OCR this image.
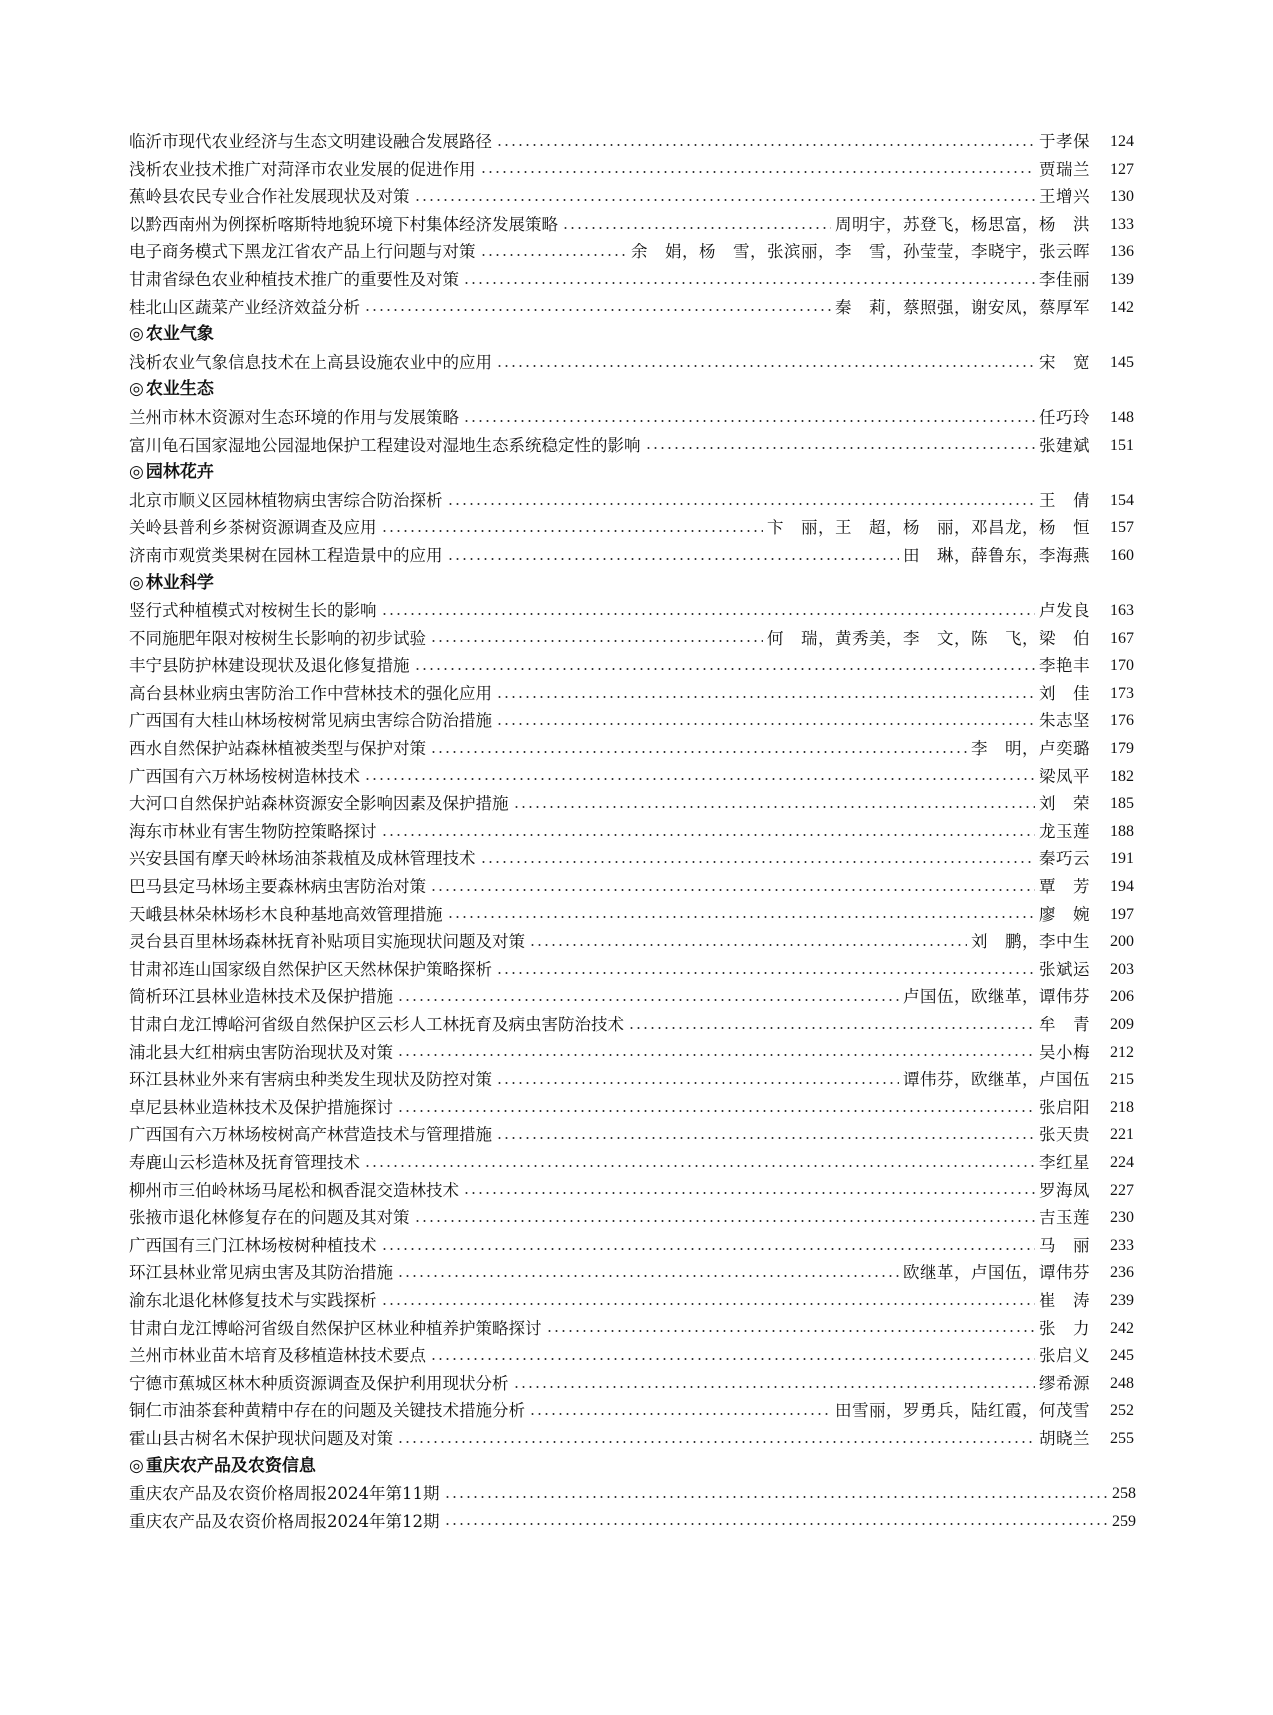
临沂市现代农业经济与生态文明建设融合发展路径	于孝保	124
浅析农业技术推广对菏泽市农业发展的促进作用	贾瑞兰	127
蕉岭县农民专业合作社发展现状及对策	王增兴	130
以黔西南州为例探析喀斯特地貌环境下村集体经济发展策略	周明宇，苏登飞，杨思富，杨　洪	133
电子商务模式下黑龙江省农产品上行问题与对策	余　娟，杨　雪，张滨丽，李　雪，孙莹莹，李晓宇，张云晖	136
甘肃省绿色农业种植技术推广的重要性及对策	李佳丽	139
桂北山区蔬菜产业经济效益分析	秦　莉，蔡照强，谢安凤，蔡厚军	142
◎ 农业气象
浅析农业气象信息技术在上高县设施农业中的应用	宋　宽	145
◎ 农业生态
兰州市林木资源对生态环境的作用与发展策略	任巧玲	148
富川龟石国家湿地公园湿地保护工程建设对湿地生态系统稳定性的影响	张建斌	151
◎ 园林花卉
北京市顺义区园林植物病虫害综合防治探析	王　倩	154
关岭县普利乡茶树资源调查及应用	卞　丽，王　超，杨　丽，邓昌龙，杨　恒	157
济南市观赏类果树在园林工程造景中的应用	田　琳，薛鲁东，李海燕	160
◎ 林业科学
竖行式种植模式对桉树生长的影响	卢发良	163
不同施肥年限对桉树生长影响的初步试验	何　瑞，黄秀美，李　文，陈　飞，梁　伯	167
丰宁县防护林建设现状及退化修复措施	李艳丰	170
高台县林业病虫害防治工作中营林技术的强化应用	刘　佳	173
广西国有大桂山林场桉树常见病虫害综合防治措施	朱志坚	176
西水自然保护站森林植被类型与保护对策	李　明，卢奕璐	179
广西国有六万林场桉树造林技术	梁凤平	182
大河口自然保护站森林资源安全影响因素及保护措施	刘　荣	185
海东市林业有害生物防控策略探讨	龙玉莲	188
兴安县国有摩天岭林场油茶栽植及成林管理技术	秦巧云	191
巴马县定马林场主要森林病虫害防治对策	覃　芳	194
天峨县林朵林场杉木良种基地高效管理措施	廖　婉	197
灵台县百里林场森林抚育补贴项目实施现状问题及对策	刘　鹏，李中生	200
甘肃祁连山国家级自然保护区天然林保护策略探析	张斌运	203
简析环江县林业造林技术及保护措施	卢国伍，欧继革，谭伟芬	206
甘肃白龙江博峪河省级自然保护区云杉人工林抚育及病虫害防治技术	牟　青	209
浦北县大红柑病虫害防治现状及对策	吴小梅	212
环江县林业外来有害病虫种类发生现状及防控对策	谭伟芬，欧继革，卢国伍	215
卓尼县林业造林技术及保护措施探讨	张启阳	218
广西国有六万林场桉树高产林营造技术与管理措施	张天贵	221
寿鹿山云杉造林及抚育管理技术	李红星	224
柳州市三伯岭林场马尾松和枫香混交造林技术	罗海凤	227
张掖市退化林修复存在的问题及其对策	吉玉莲	230
广西国有三门江林场桉树种植技术	马　丽	233
环江县林业常见病虫害及其防治措施	欧继革，卢国伍，谭伟芬	236
渝东北退化林修复技术与实践探析	崔　涛	239
甘肃白龙江博峪河省级自然保护区林业种植养护策略探讨	张　力	242
兰州市林业苗木培育及移植造林技术要点	张启义	245
宁德市蕉城区林木种质资源调查及保护利用现状分析	缪希源	248
铜仁市油茶套种黄精中存在的问题及关键技术措施分析	田雪丽，罗勇兵，陆红霞，何茂雪	252
霍山县古树名木保护现状问题及对策	胡晓兰	255
◎ 重庆农产品及农资信息
重庆农产品及农资价格周报2024年第11期	258
重庆农产品及农资价格周报2024年第12期	259
